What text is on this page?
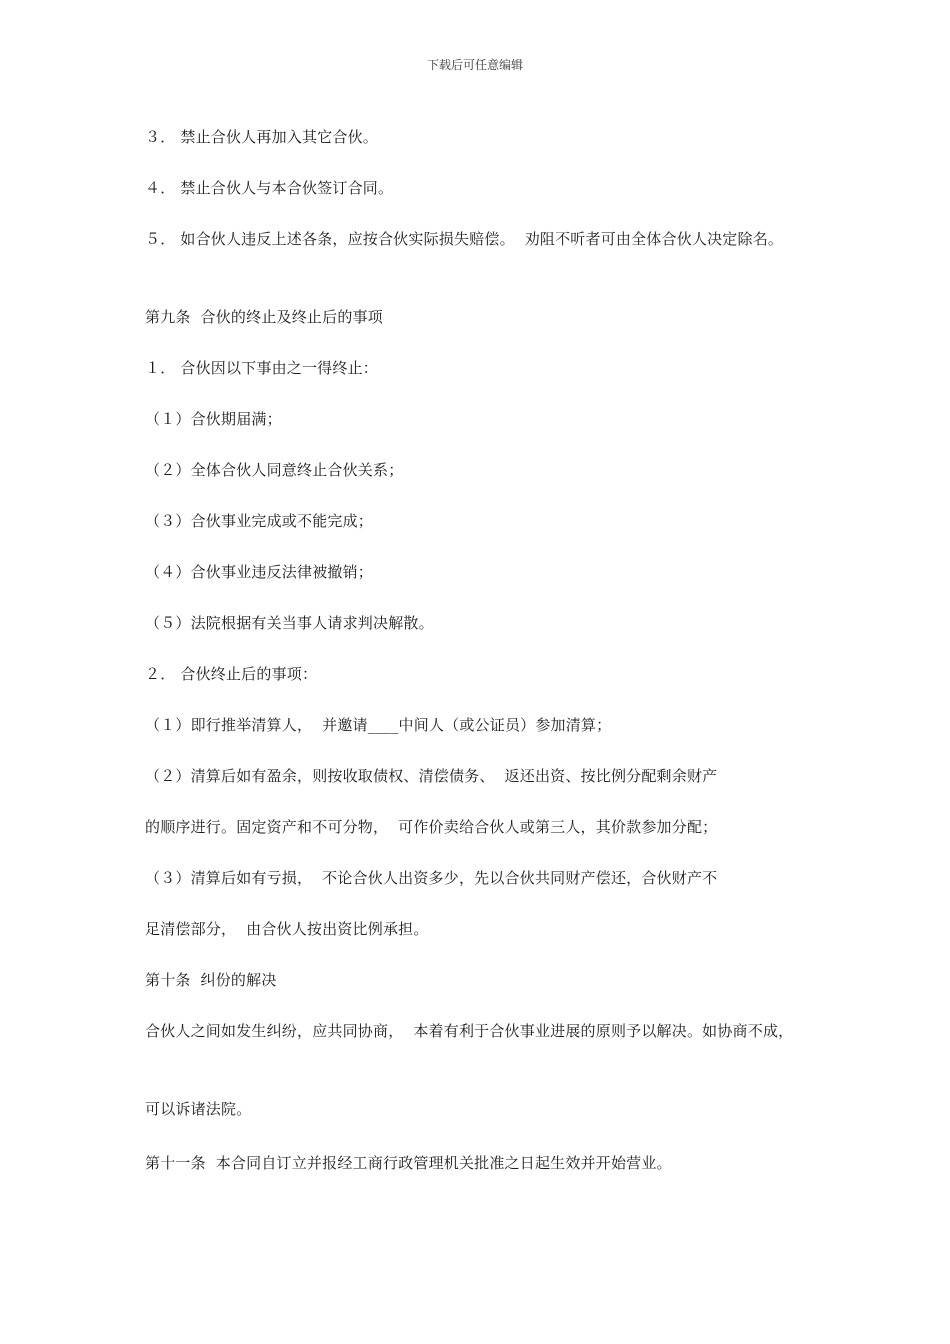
下载后可任意编辑
３． 禁止合伙人再加入其它合伙。
４． 禁止合伙人与本合伙签订合同。
５． 如合伙人违反上述各条，应按合伙实际损失赔偿。  劝阻不听者可由全体合伙人决定除名。
第九条  合伙的终止及终止后的事项
１． 合伙因以下事由之一得终止：
（１）合伙期届满；
（２）全体合伙人同意终止合伙关系；
（３）合伙事业完成或不能完成；
（４）合伙事业违反法律被撤销；
（５）法院根据有关当事人请求判决解散。
２． 合伙终止后的事项：
（１）即行推举清算人，  并邀请____中间人（或公证员）参加清算；
（２）清算后如有盈余，则按收取债权、清偿债务、  返还出资、按比例分配剩余财产
的顺序进行。固定资产和不可分物，  可作价卖给合伙人或第三人，其价款参加分配；
（３）清算后如有亏损，  不论合伙人出资多少，先以合伙共同财产偿还，合伙财产不
足清偿部分，  由合伙人按出资比例承担。
第十条  纠份的解决
合伙人之间如发生纠纷，应共同协商，  本着有利于合伙事业进展的原则予以解决。如协商不成，
可以诉诸法院。
第十一条  本合同自订立并报经工商行政管理机关批准之日起生效并开始营业。
